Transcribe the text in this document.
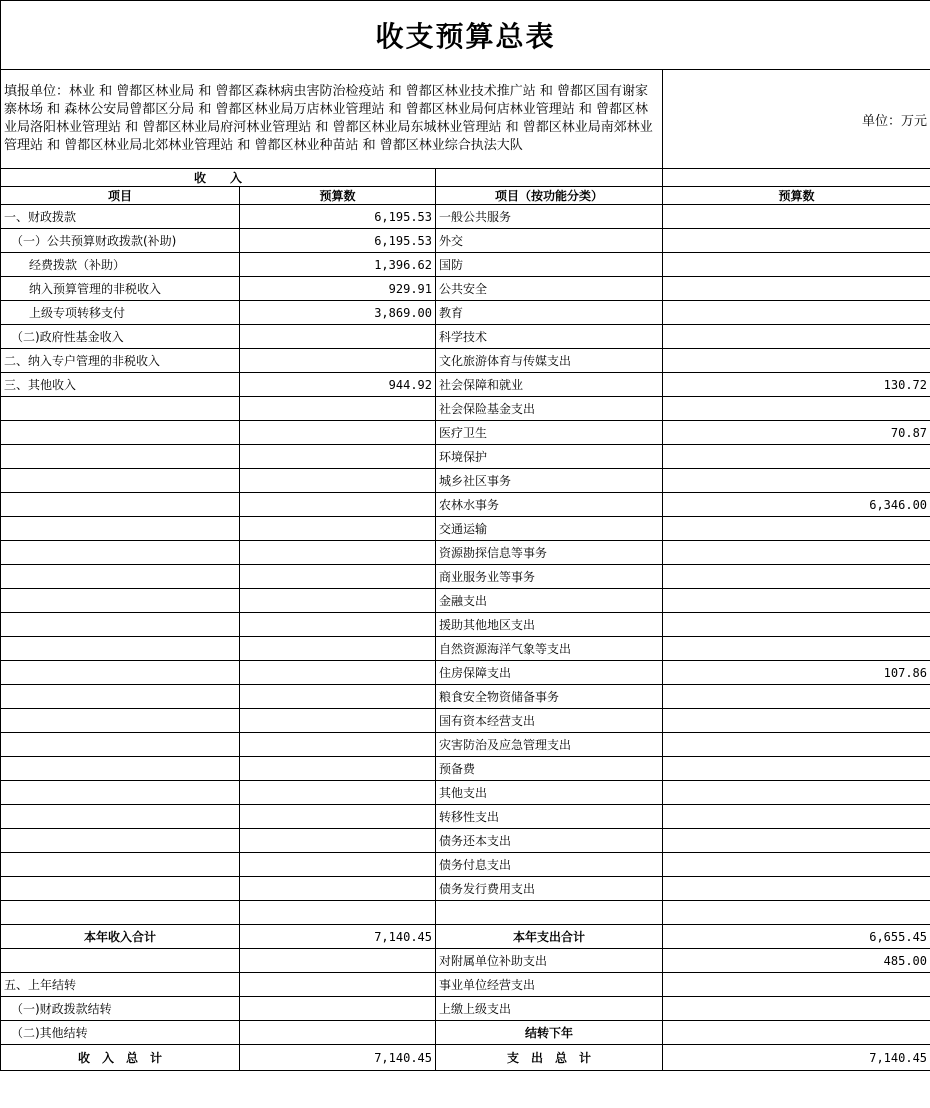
收支预算总表			
填报单位：林业 和 曾都区林业局 和 曾都区森林病虫害防治检疫站 和 曾都区林业技术推广站 和 曾都区国有谢家寨林场 和 森林公安局曾都区分局 和 曾都区林业局万店林业管理站 和 曾都区林业局何店林业管理站 和 曾都区林业局洛阳林业管理站 和 曾都区林业局府河林业管理站 和 曾都区林业局东城林业管理站 和 曾都区林业局南郊林业管理站 和 曾都区林业局北郊林业管理站 和 曾都区林业种苗站 和 曾都区林业综合执法大队			单位：万元
收　　入			
项目	预算数	项目（按功能分类）	预算数
一、财政拨款	6,195.53	一般公共服务	
（一）公共预算财政拨款(补助)	6,195.53	外交	
经费拨款（补助）	1,396.62	国防	
纳入预算管理的非税收入	929.91	公共安全	
上级专项转移支付	3,869.00	教育	
（二)政府性基金收入		科学技术	
二、纳入专户管理的非税收入		文化旅游体育与传媒支出	
三、其他收入	944.92	社会保障和就业	130.72
		社会保险基金支出	
		医疗卫生	70.87
		环境保护	
		城乡社区事务	
		农林水事务	6,346.00
		交通运输	
		资源勘探信息等事务	
		商业服务业等事务	
		金融支出	
		援助其他地区支出	
		自然资源海洋气象等支出	
		住房保障支出	107.86
		粮食安全物资储备事务	
		国有资本经营支出	
		灾害防治及应急管理支出	
		预备费	
		其他支出	
		转移性支出	
		债务还本支出	
		债务付息支出	
		债务发行费用支出	

本年收入合计	7,140.45	本年支出合计	6,655.45
		对附属单位补助支出	485.00
五、上年结转		事业单位经营支出	
（一)财政拨款结转		上缴上级支出	
（二)其他结转		结转下年	
收　入　总　计	7,140.45	支　出　总　计	7,140.45
